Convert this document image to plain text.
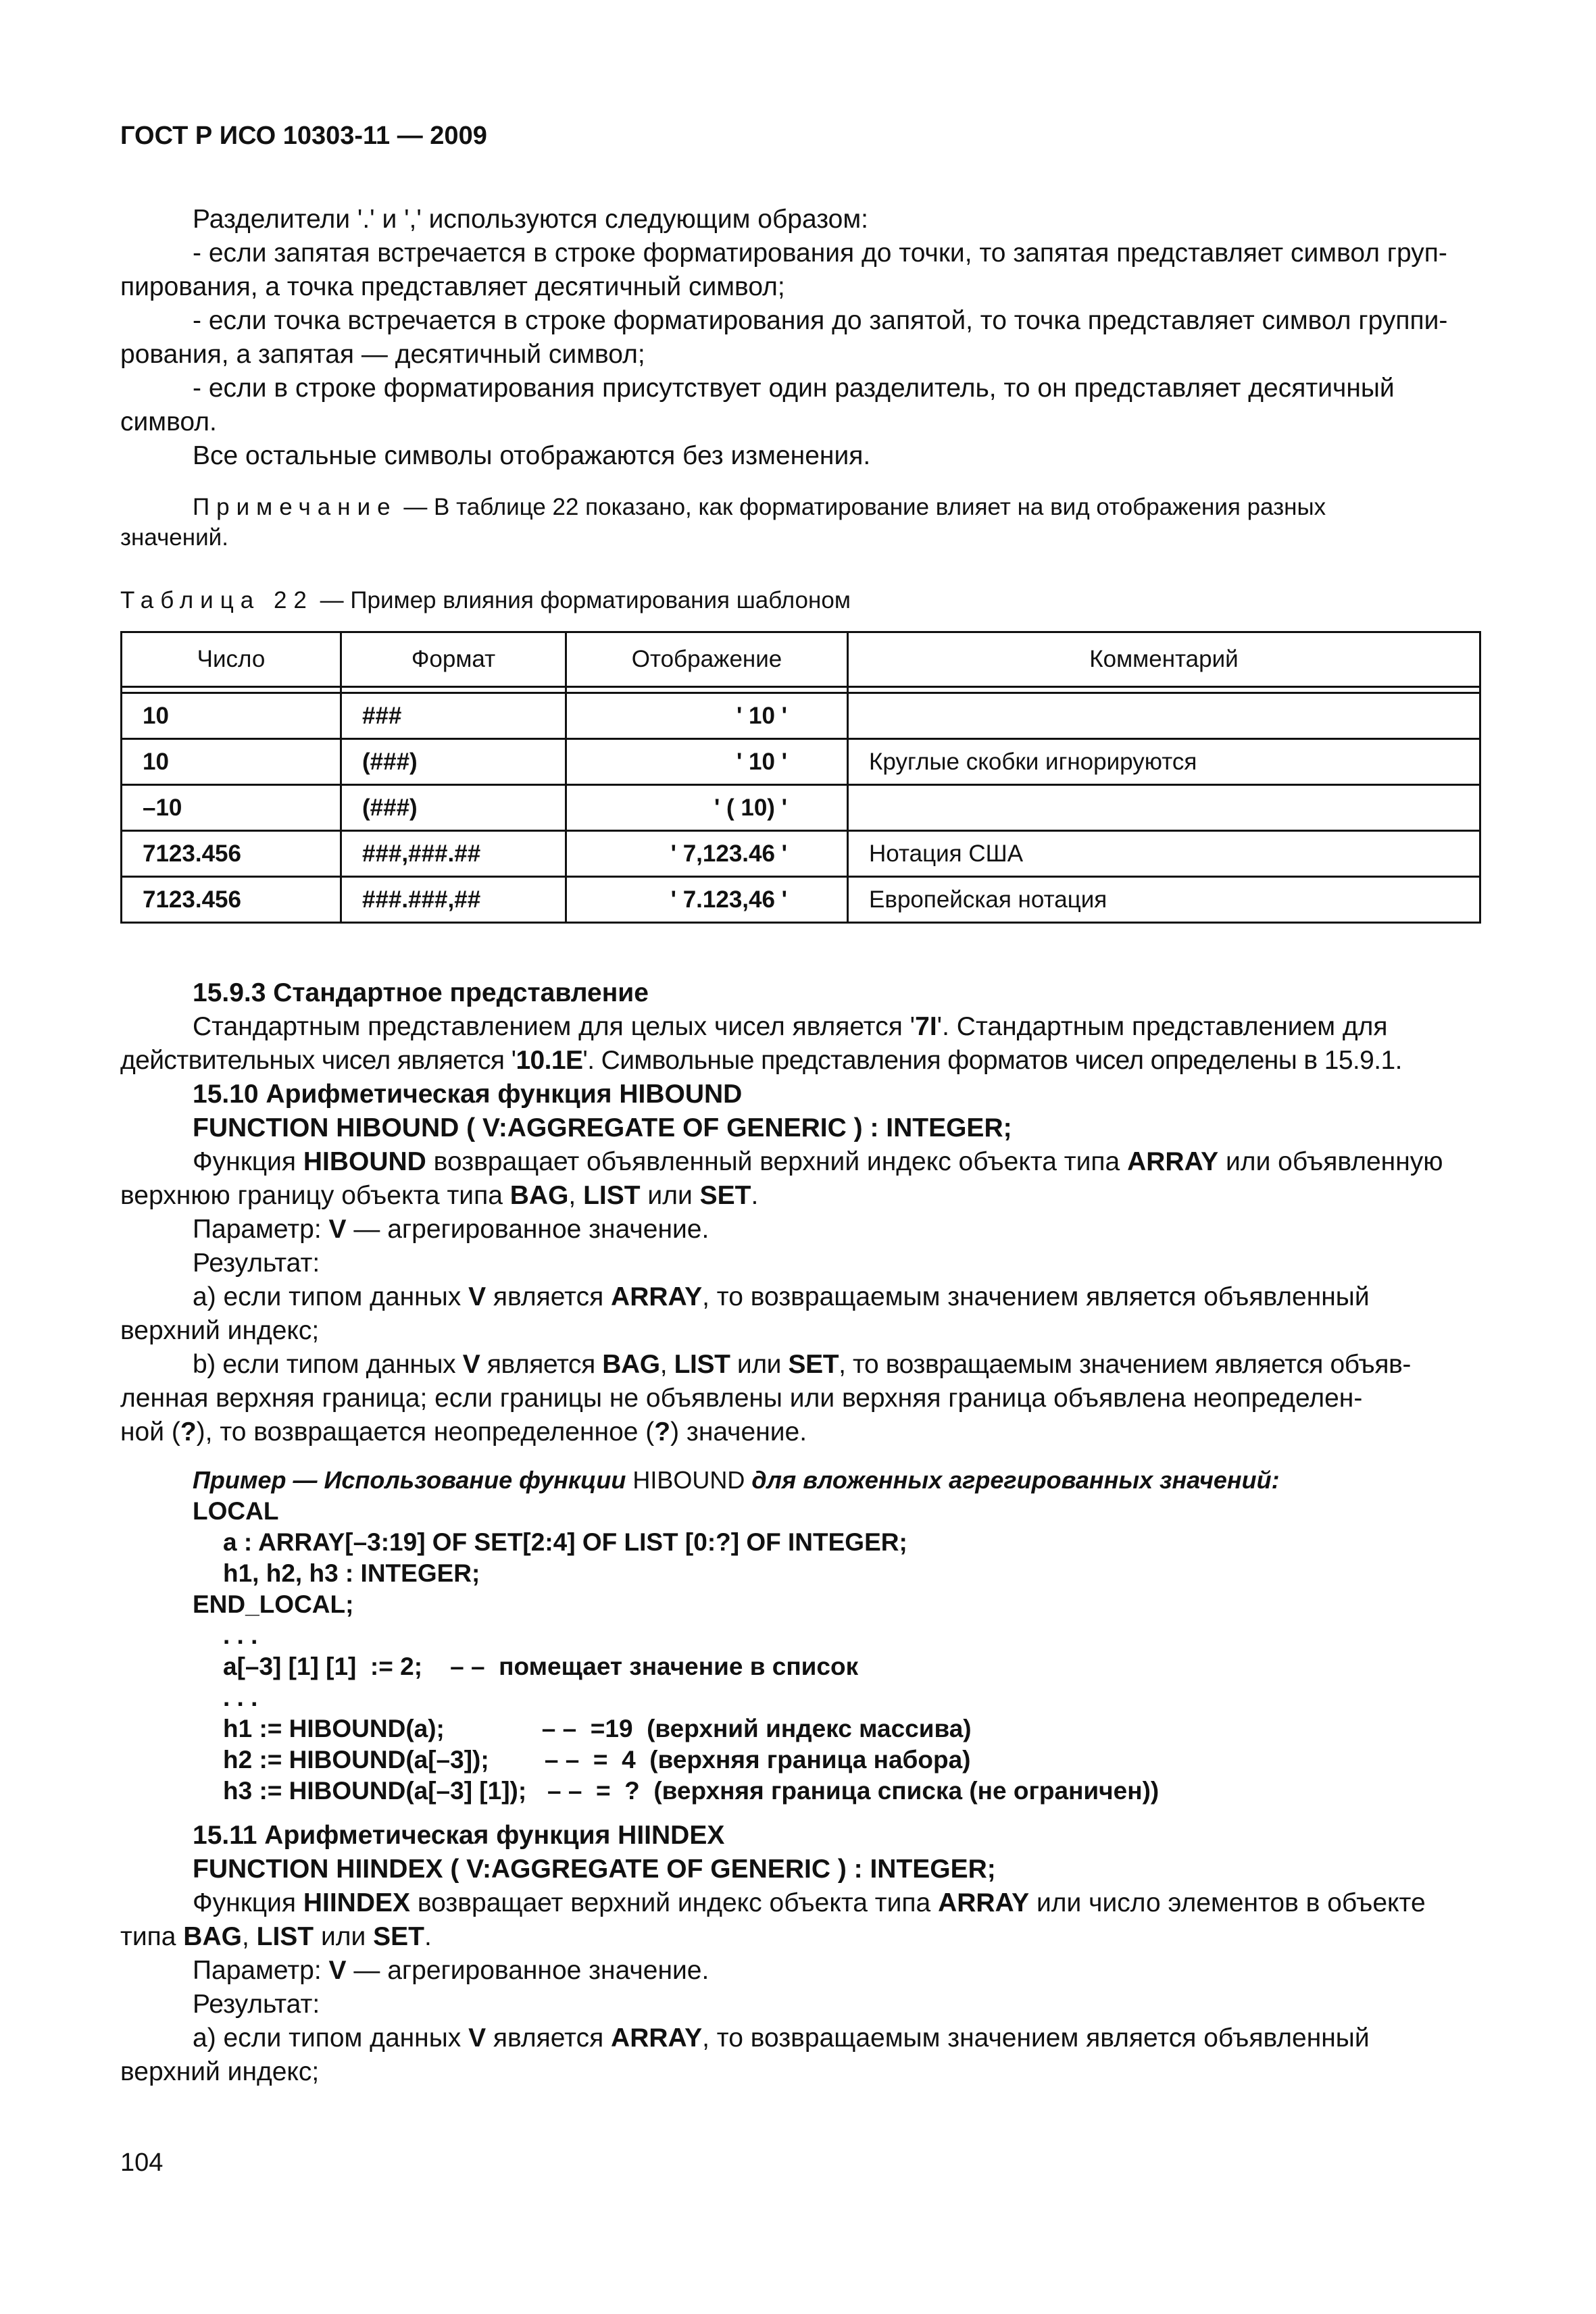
ГОСТ Р ИСО 10303-11 — 2009
Разделители '.' и ',' используются следующим образом:
- если запятая встречается в строке форматирования до точки, то запятая представляет символ груп-
пирования, а точка представляет десятичный символ;
- если точка встречается в строке форматирования до запятой, то точка представляет символ группи-
рования, а запятая — десятичный символ;
- если в строке форматирования присутствует один разделитель, то он представляет десятичный
символ.
Все остальные символы отображаются без изменения.
Примечание — В таблице 22 показано, как форматирование влияет на вид отображения разных
значений.
Таблица 22 — Пример влияния форматирования шаблоном
Число	Формат	Отображение	Комментарий

10	###	' 10 '	
10	(###)	' 10 '	Круглые скобки игнорируются
–10	(###)	' ( 10) '	
7123.456	###,###.##	' 7,123.46 '	Нотация США
7123.456	###.###,##	' 7.123,46 '	Европейская нотация
15.9.3 Стандартное представление
Стандартным представлением для целых чисел является '7I'. Стандартным представлением для
действительных чисел является '10.1E'. Символьные представления форматов чисел определены в 15.9.1.
15.10 Арифметическая функция HIBOUND
FUNCTION HIBOUND ( V:AGGREGATE OF GENERIC ) : INTEGER;
Функция HIBOUND возвращает объявленный верхний индекс объекта типа ARRAY или объявленную
верхнюю границу объекта типа BAG, LIST или SET.
Параметр: V — агрегированное значение.
Результат:
a) если типом данных V является ARRAY, то возвращаемым значением является объявленный
верхний индекс;
b) если типом данных V является BAG, LIST или SET, то возвращаемым значением является объяв-
ленная верхняя граница; если границы не объявлены или верхняя граница объявлена неопределен-
ной (?), то возвращается неопределенное (?) значение.
Пример — Использование функции HIBOUND для вложенных агрегированных значений:
LOCAL
a : ARRAY[–3:19] OF SET[2:4] OF LIST [0:?] OF INTEGER;
h1, h2, h3 : INTEGER;
END_LOCAL;
. . .
a[–3] [1] [1]  := 2;    – –  помещает значение в список
. . .
h1 := HIBOUND(a);              – –  =19  (верхний индекс массива)
h2 := HIBOUND(a[–3]);        – –  =  4  (верхняя граница набора)
h3 := HIBOUND(a[–3] [1]);   – –  =  ?  (верхняя граница списка (не ограничен))
15.11 Арифметическая функция HIINDEX
FUNCTION HIINDEX ( V:AGGREGATE OF GENERIC ) : INTEGER;
Функция HIINDEX возвращает верхний индекс объекта типа ARRAY или число элементов в объекте
типа BAG, LIST или SET.
Параметр: V — агрегированное значение.
Результат:
a) если типом данных V является ARRAY, то возвращаемым значением является объявленный
верхний индекс;
104
